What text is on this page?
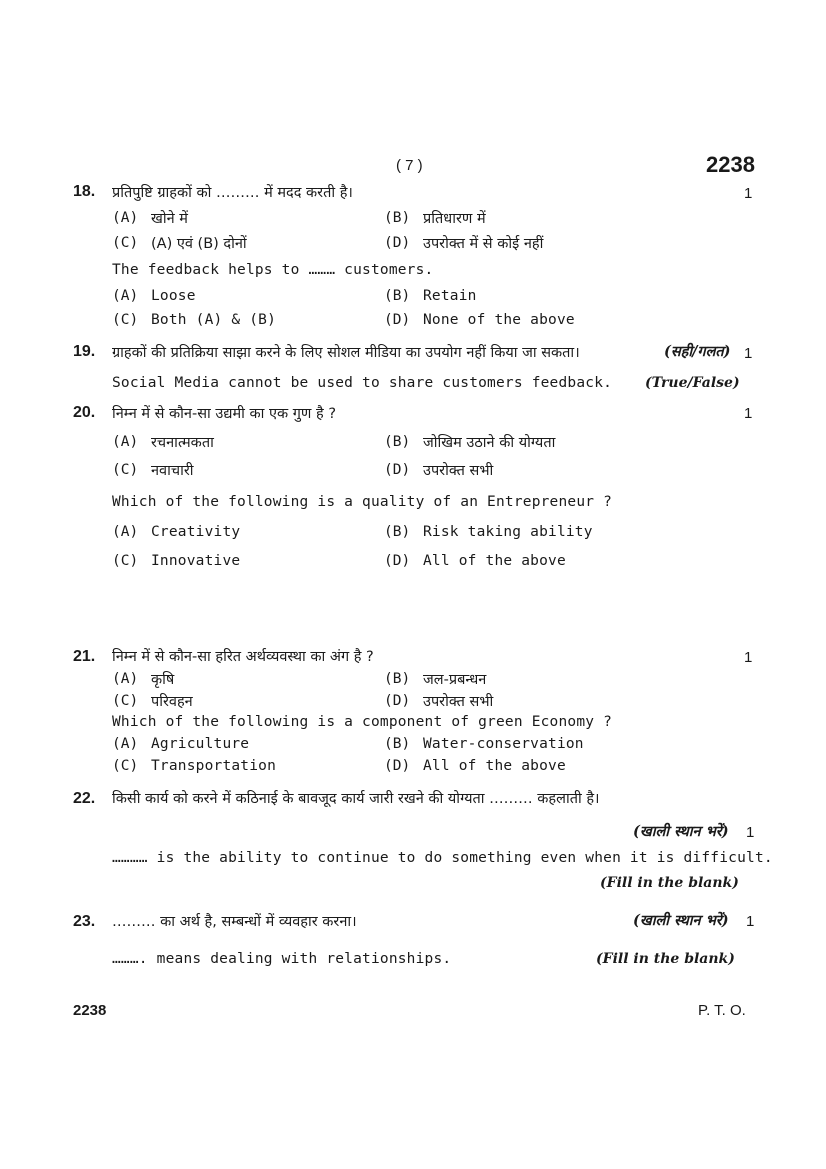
( 7 )	2238
18. प्रतिपुष्टि ग्राहकों को ……… में मदद करती है।	1
(A) खोने में	(B) प्रतिधारण में
(C) (A) एवं (B) दोनों	(D) उपरोक्त में से कोई नहीं
The feedback helps to ……… customers.
(A) Loose	(B) Retain
(C) Both (A) & (B)	(D) None of the above
19. ग्राहकों की प्रतिक्रिया साझा करने के लिए सोशल मीडिया का उपयोग नहीं किया जा सकता।	(सही/गलत) 1
Social Media cannot be used to share customers feedback. (True/False)
20. निम्न में से कौन-सा उद्यमी का एक गुण है ?	1
(A) रचनात्मकता	(B) जोखिम उठाने की योग्यता
(C) नवाचारी	(D) उपरोक्त सभी
Which of the following is a quality of an Entrepreneur ?
(A) Creativity	(B) Risk taking ability
(C) Innovative	(D) All of the above
21. निम्न में से कौन-सा हरित अर्थव्यवस्था का अंग है ?	1
(A) कृषि	(B) जल-प्रबन्धन
(C) परिवहन	(D) उपरोक्त सभी
Which of the following is a component of green Economy ?
(A) Agriculture	(B) Water-conservation
(C) Transportation	(D) All of the above
22. किसी कार्य को करने में कठिनाई के बावजूद कार्य जारी रखने की योग्यता ……… कहलाती है।
(खाली स्थान भरें) 1
………… is the ability to continue to do something even when it is difficult.
(Fill in the blank)
23. ……… का अर्थ है, सम्बन्धों में व्यवहार करना।	(खाली स्थान भरें) 1
………. means dealing with relationships.	(Fill in the blank)
2238	P. T. O.
